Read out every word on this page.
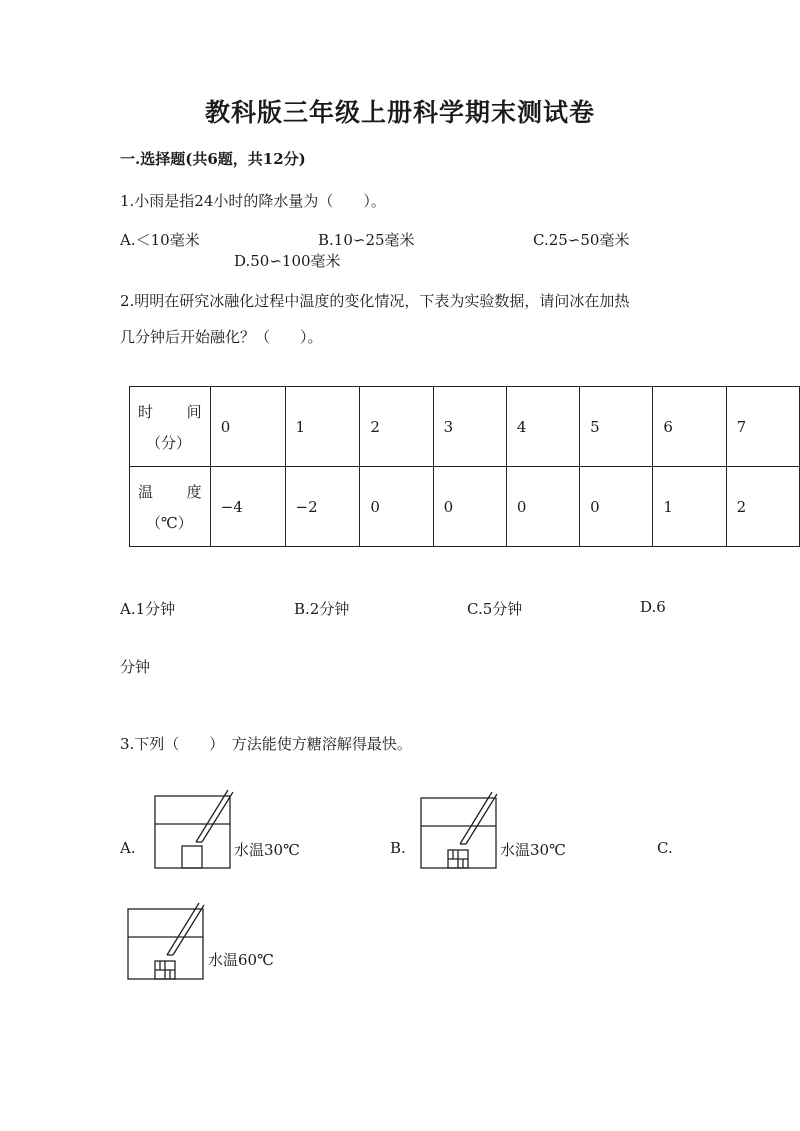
教科版三年级上册科学期末测试卷
一.选择题(共6题，共12分)
1.小雨是指24小时的降水量为（　　）。
A.＜10毫米	B.10∽25毫米	C.25∽50毫米
D.50∽100毫米
2.明明在研究冰融化过程中温度的变化情况，下表为实验数据，请问冰在加热
几分钟后开始融化？（　　）。
时 间
（分）	0	1	2	3	4	5	6	7

温 度
（℃）	−4	−2	0	0	0	0	1	2
A.1分钟	B.2分钟	C.5分钟	D.6
分钟
3.下列（　　）　方法能使方糖溶解得最快。
A.	水温30℃	B.	水温30℃	C.
水温60℃
